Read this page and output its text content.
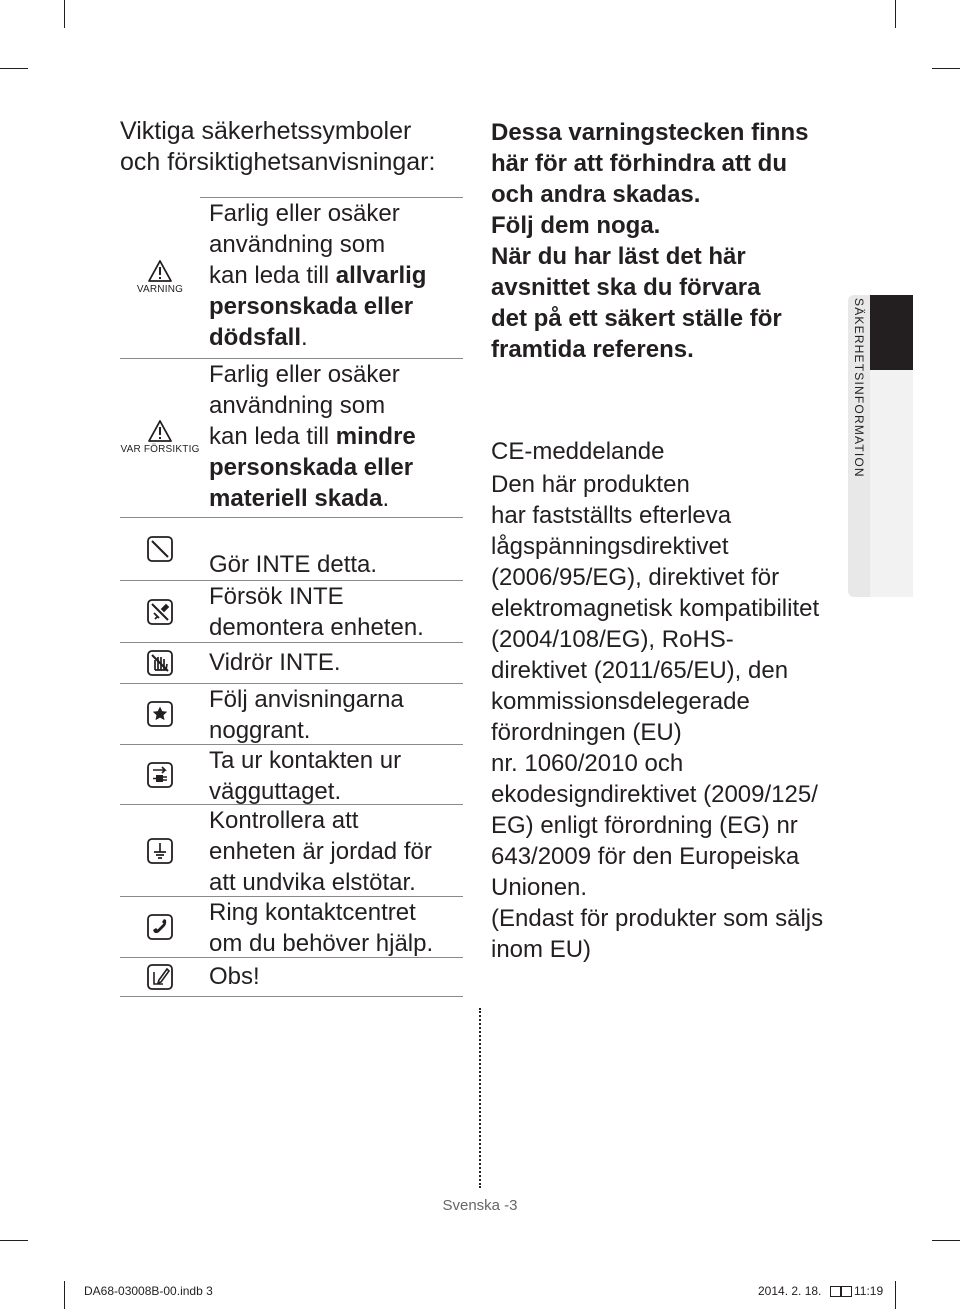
Viktiga säkerhetssymboler
och försiktighetsanvisningar:
VARNING
Farlig eller osäker
användning som
kan leda till allvarlig
personskada eller
dödsfall.
VAR FÖRSIKTIG
Farlig eller osäker
användning som
kan leda till mindre
personskada eller
materiell skada.
Gör INTE detta.
Försök INTE
demontera enheten.
Vidrör INTE.
Följ anvisningarna
noggrant.
Ta ur kontakten ur
vägguttaget.
Kontrollera att
enheten är jordad för
att undvika elstötar.
Ring kontaktcentret
om du behöver hjälp.
Obs!

Dessa varningstecken finns

här för att förhindra att du

och andra skadas.

Följ dem noga.

När du har läst det här

avsnittet ska du förvara

det på ett säkert ställe för

framtida referens.

CE-meddelande

Den här produkten

har fastställts efterleva

lågspänningsdirektivet

(2006/95/EG), direktivet för

elektromagnetisk kompatibilitet

(2004/108/EG), RoHS-

direktivet (2011/65/EU), den

kommissionsdelegerade

förordningen (EU)

nr. 1060/2010 och

ekodesigndirektivet (2009/125/

EG) enligt förordning (EG) nr

643/2009 för den Europeiska

Unionen.

(Endast för produkter som säljs

inom EU)

SÄKERHETSINFORMATION
Svenska -3
DA68-03008B-00.indb 3	2014. 2. 18.	11:19
